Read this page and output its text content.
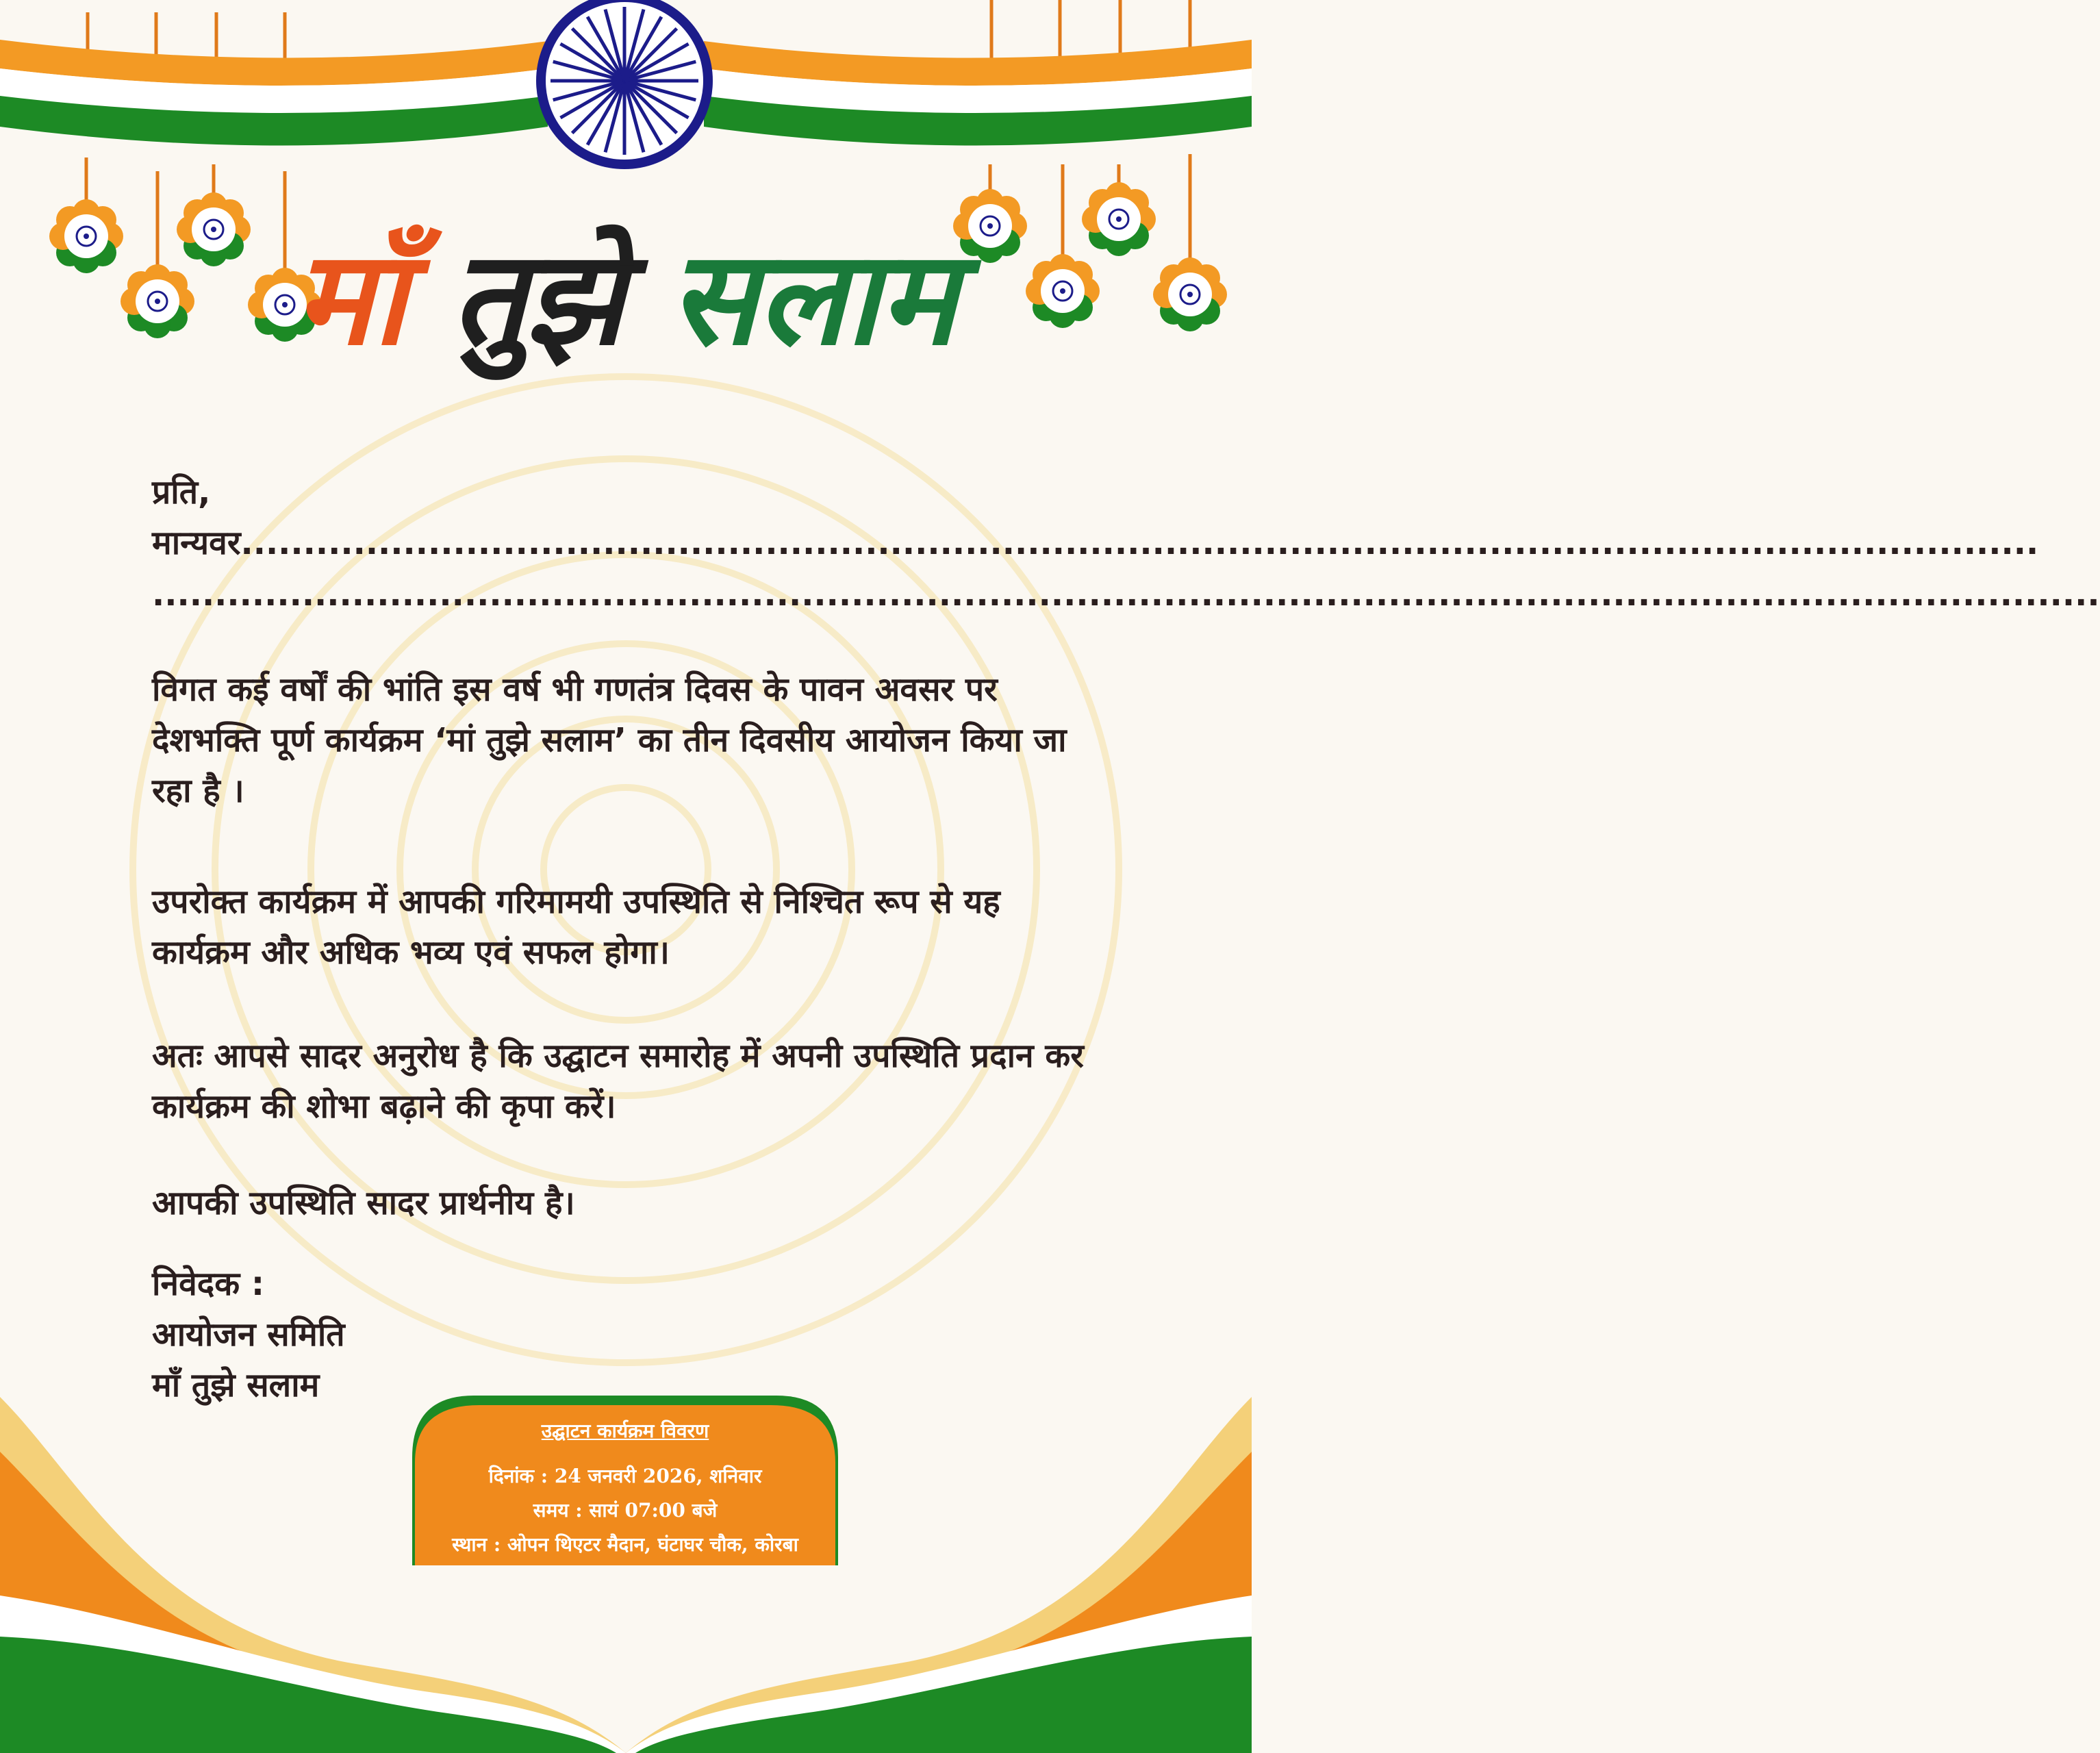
माँ तुझे सलाम

प्रति,

मान्यवर................................................................................................................................................

............................................................................................................................................................
विगत कई वर्षों की भांति इस वर्ष भी गणतंत्र दिवस के पावन अवसर पर देशभक्ति पूर्ण कार्यक्रम ‘मां तुझे सलाम’ का तीन दिवसीय आयोजन किया जा रहा है ।
उपरोक्त कार्यक्रम में आपकी गरिमामयी उपस्थिति से निश्चित रूप से यह कार्यक्रम और अधिक भव्य एवं सफल होगा।
अतः आपसे सादर अनुरोध है कि उद्घाटन समारोह में अपनी उपस्थिति प्रदान कर कार्यक्रम की शोभा बढ़ाने की कृपा करें।
आपकी उपस्थिति सादर प्रार्थनीय है।

निवेदक :

आयोजन समिति

माँ तुझे सलाम

उद्घाटन कार्यक्रम विवरण
दिनांक : 24 जनवरी 2026, शनिवार
समय : सायं 07:00 बजे
स्थान : ओपन थिएटर मैदान, घंटाघर चौक, कोरबा
